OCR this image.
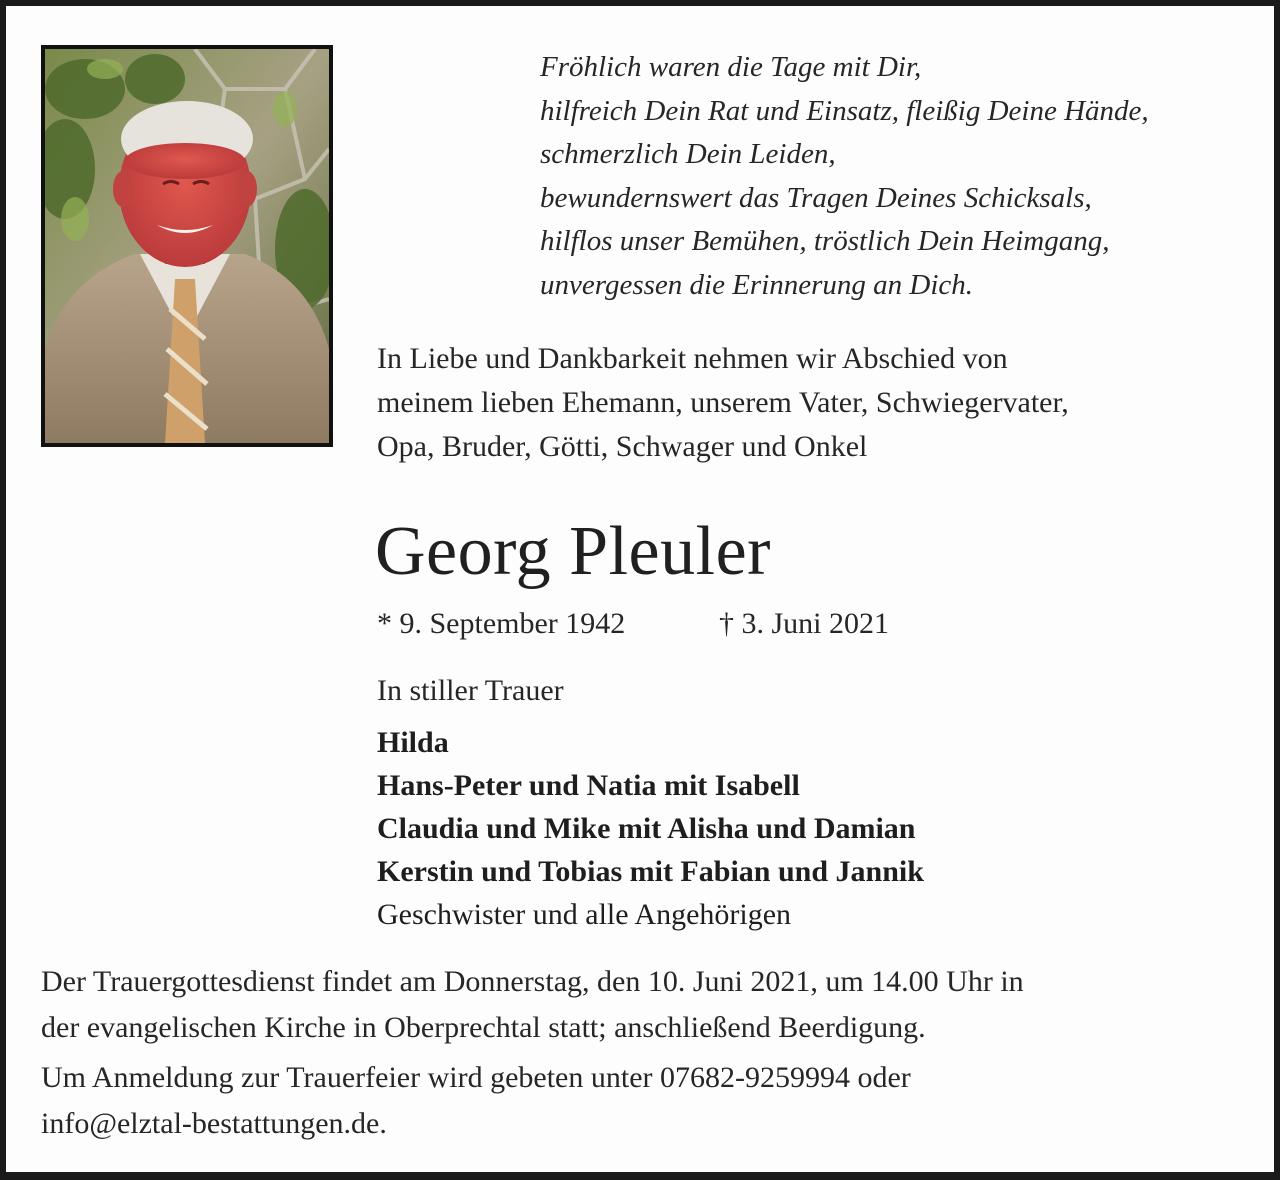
Fröhlich waren die Tage mit Dir,
hilfreich Dein Rat und Einsatz, fleißig Deine Hände,
schmerzlich Dein Leiden,
bewundernswert das Tragen Deines Schicksals,
hilflos unser Bemühen, tröstlich Dein Heimgang,
unvergessen die Erinnerung an Dich.
In Liebe und Dankbarkeit nehmen wir Abschied von
meinem lieben Ehemann, unserem Vater, Schwiegervater,
Opa, Bruder, Götti, Schwager und Onkel
Georg Pleuler
* 9. September 1942	† 3. Juni 2021
In stiller Trauer
Hilda
Hans-Peter und Natia mit Isabell
Claudia und Mike mit Alisha und Damian
Kerstin und Tobias mit Fabian und Jannik
Geschwister und alle Angehörigen
Der Trauergottesdienst findet am Donnerstag, den 10. Juni 2021, um 14.00 Uhr in
der evangelischen Kirche in Oberprechtal statt; anschließend Beerdigung.
Um Anmeldung zur Trauerfeier wird gebeten unter 07682-9259994 oder
info@elztal-bestattungen.de.
